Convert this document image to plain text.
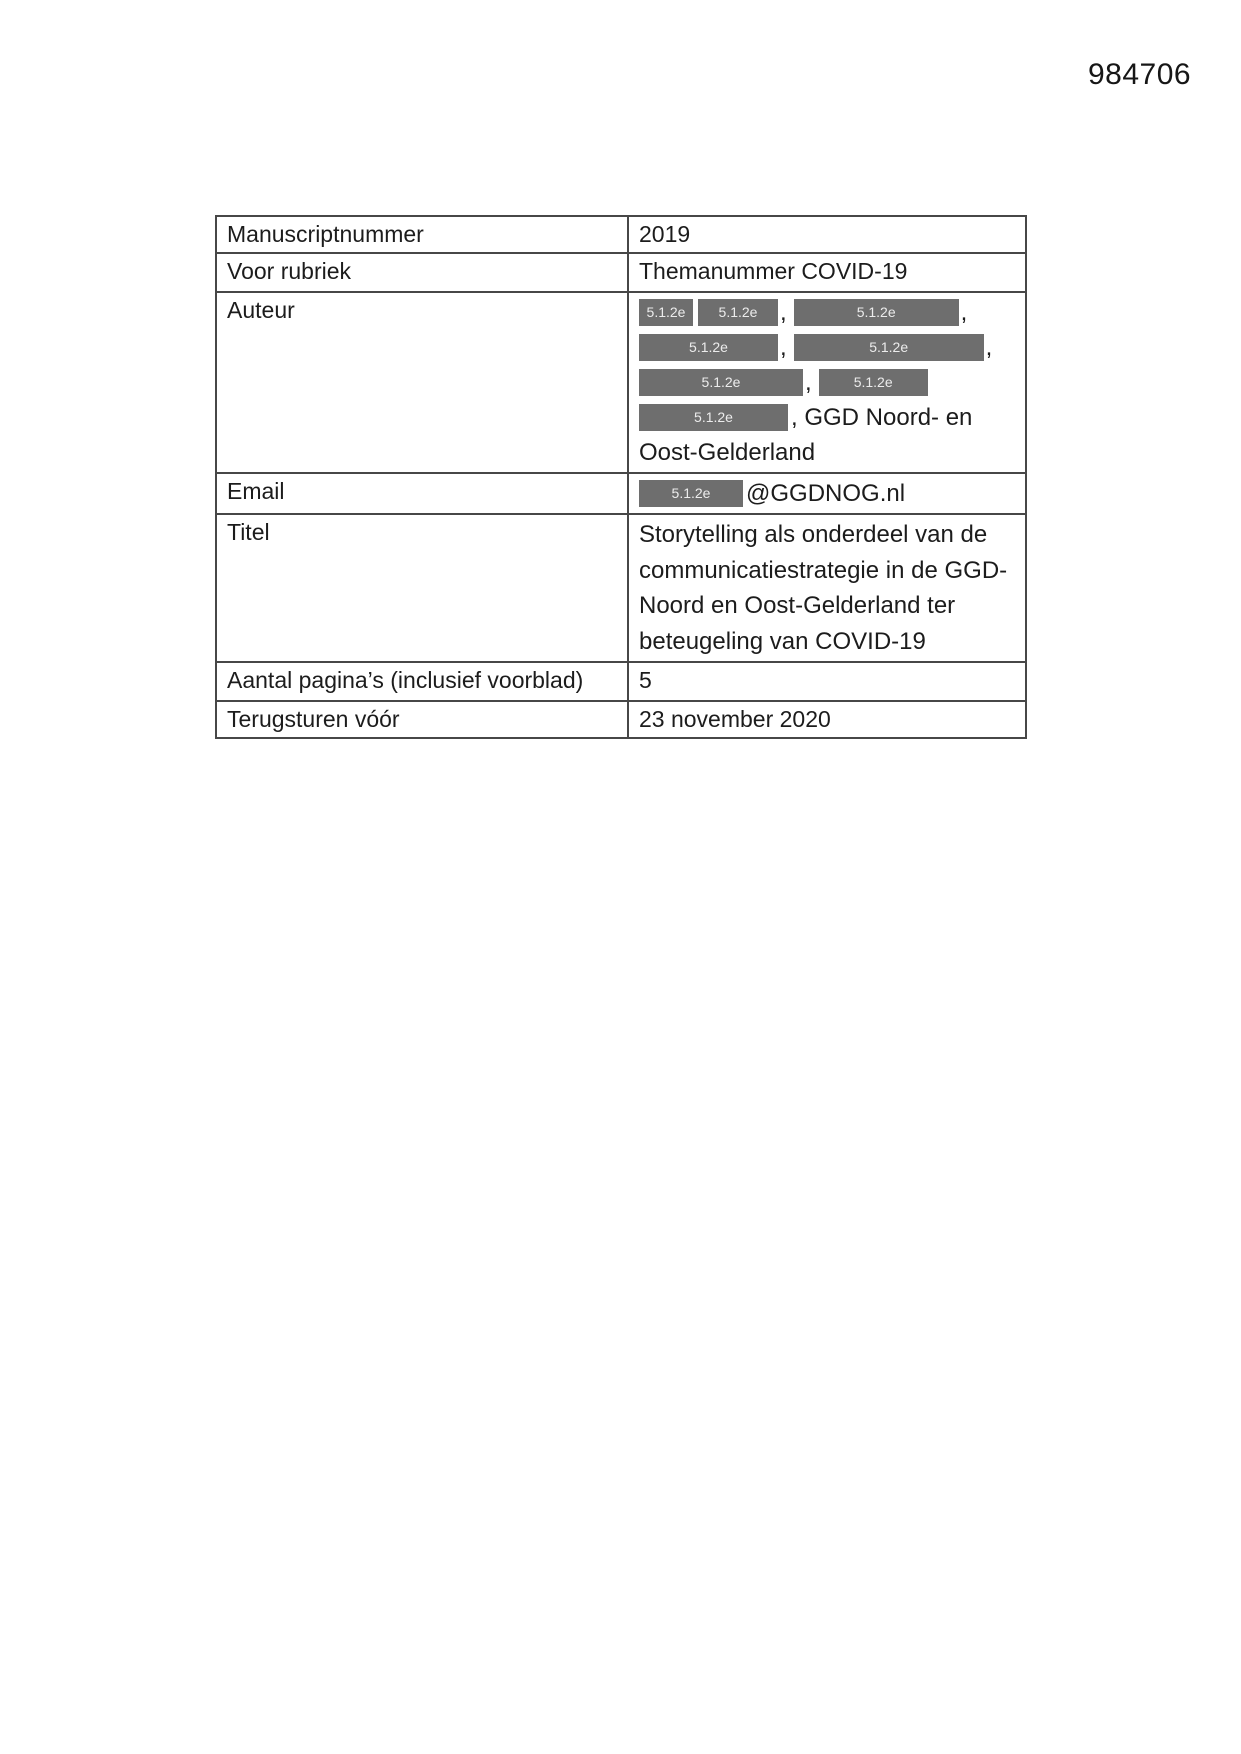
984706
Manuscriptnummer	2019
Voor rubriek	Themanummer COVID-19
Auteur	5.1.2e 5.1.2e , 5.1.2e ,
5.1.2e , 5.1.2e ,
5.1.2e , 5.1.2e
5.1.2e , GGD Noord- en
Oost-Gelderland

Email	5.1.2e @GGDNOG.nl

Titel	Storytelling als onderdeel van de
communicatiestrategie in de GGD-
Noord en Oost-Gelderland ter
beteugeling van COVID-19

Aantal pagina’s (inclusief voorblad)	5
Terugsturen vóór	23 november 2020
